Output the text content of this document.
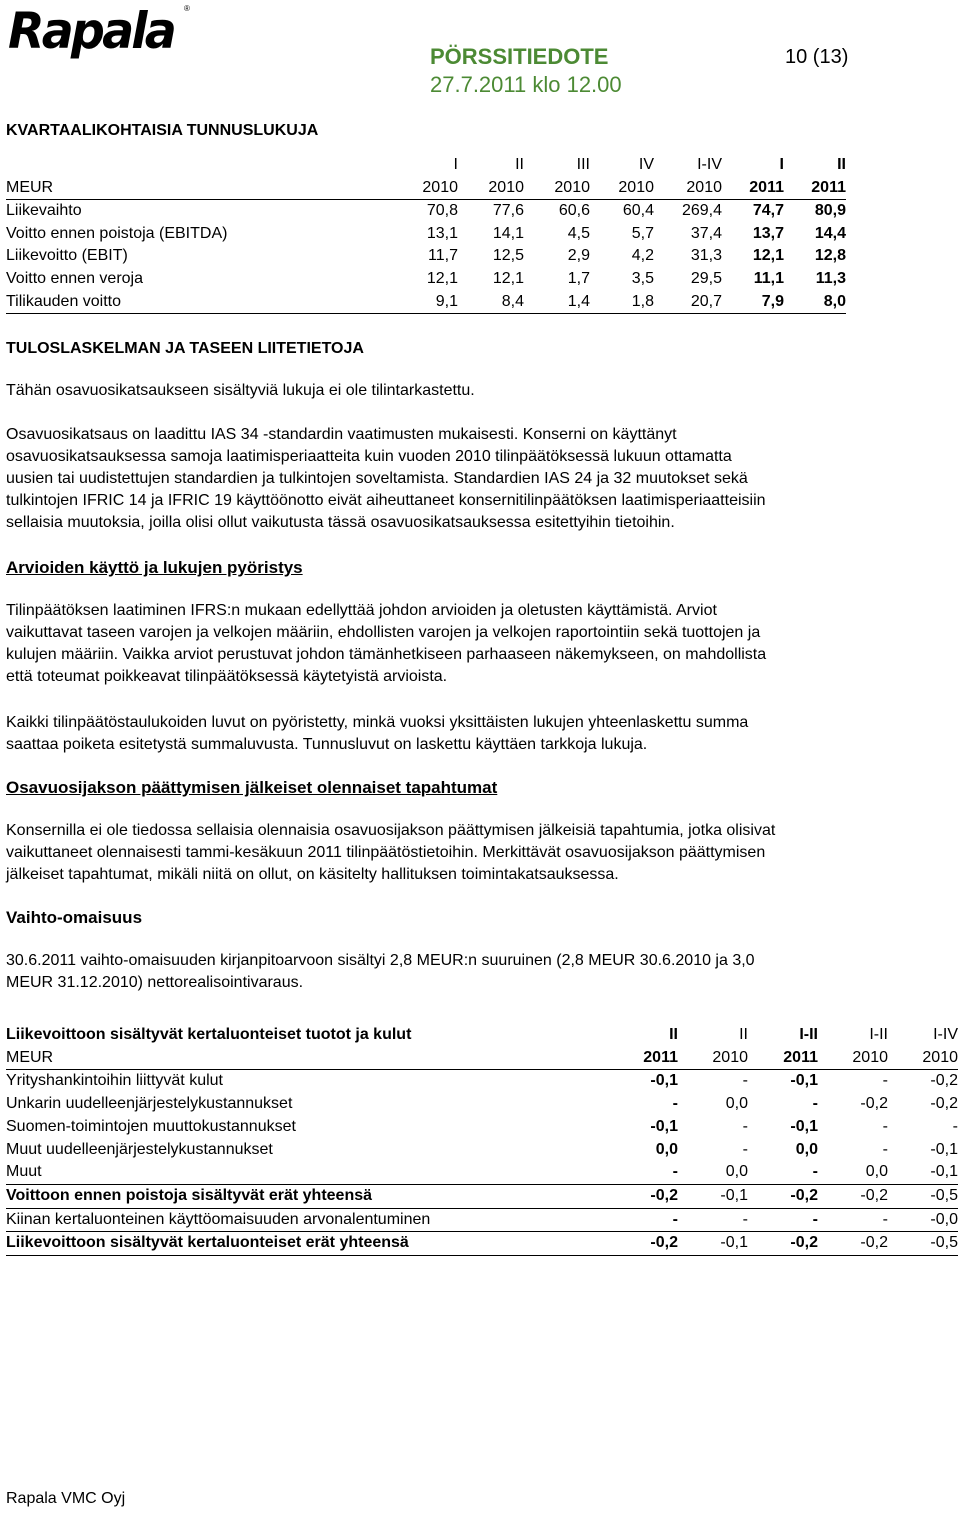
Rapala ®
PÖRSSITIEDOTE	10 (13)
27.7.2011 klo 12.00
KVARTAALIKOHTAISIA TUNNUSLUKUJA
	I	II	III	IV	I-IV	I	II
MEUR	2010	2010	2010	2010	2010	2011	2011
Liikevaihto	70,8	77,6	60,6	60,4	269,4	74,7	80,9
Voitto ennen poistoja (EBITDA)	13,1	14,1	4,5	5,7	37,4	13,7	14,4
Liikevoitto (EBIT)	11,7	12,5	2,9	4,2	31,3	12,1	12,8
Voitto ennen veroja	12,1	12,1	1,7	3,5	29,5	11,1	11,3
Tilikauden voitto	9,1	8,4	1,4	1,8	20,7	7,9	8,0
TULOSLASKELMAN JA TASEEN LIITETIETOJA
Tähän osavuosikatsaukseen sisältyviä lukuja ei ole tilintarkastettu.
Osavuosikatsaus on laadittu IAS 34 -standardin vaatimusten mukaisesti. Konserni on käyttänyt
osavuosikatsauksessa samoja laatimisperiaatteita kuin vuoden 2010 tilinpäätöksessä lukuun ottamatta
uusien tai uudistettujen standardien ja tulkintojen soveltamista. Standardien IAS 24 ja 32 muutokset sekä
tulkintojen IFRIC 14 ja IFRIC 19 käyttöönotto eivät aiheuttaneet konsernitilinpäätöksen laatimisperiaatteisiin
sellaisia muutoksia, joilla olisi ollut vaikutusta tässä osavuosikatsauksessa esitettyihin tietoihin.
Arvioiden käyttö ja lukujen pyöristys
Tilinpäätöksen laatiminen IFRS:n mukaan edellyttää johdon arvioiden ja oletusten käyttämistä. Arviot
vaikuttavat taseen varojen ja velkojen määriin, ehdollisten varojen ja velkojen raportointiin sekä tuottojen ja
kulujen määriin. Vaikka arviot perustuvat johdon tämänhetkiseen parhaaseen näkemykseen, on mahdollista
että toteumat poikkeavat tilinpäätöksessä käytetyistä arvioista.
Kaikki tilinpäätöstaulukoiden luvut on pyöristetty, minkä vuoksi yksittäisten lukujen yhteenlaskettu summa
saattaa poiketa esitetystä summaluvusta. Tunnusluvut on laskettu käyttäen tarkkoja lukuja.
Osavuosijakson päättymisen jälkeiset olennaiset tapahtumat
Konsernilla ei ole tiedossa sellaisia olennaisia osavuosijakson päättymisen jälkeisiä tapahtumia, jotka olisivat
vaikuttaneet olennaisesti tammi-kesäkuun 2011 tilinpäätöstietoihin. Merkittävät osavuosijakson päättymisen
jälkeiset tapahtumat, mikäli niitä on ollut, on käsitelty hallituksen toimintakatsauksessa.
Vaihto-omaisuus
30.6.2011 vaihto-omaisuuden kirjanpitoarvoon sisältyi 2,8 MEUR:n suuruinen (2,8 MEUR 30.6.2010 ja 3,0
MEUR 31.12.2010) nettorealisointivaraus.
Liikevoittoon sisältyvät kertaluonteiset tuotot ja kulut	II	II	I-II	I-II	I-IV
MEUR	2011	2010	2011	2010	2010
Yrityshankintoihin liittyvät kulut	-0,1	-	-0,1	-	-0,2
Unkarin uudelleenjärjestelykustannukset	-	0,0	-	-0,2	-0,2
Suomen-toimintojen muuttokustannukset	-0,1	-	-0,1	-	-
Muut uudelleenjärjestelykustannukset	0,0	-	0,0	-	-0,1
Muut	-	0,0	-	0,0	-0,1
Voittoon ennen poistoja sisältyvät erät yhteensä	-0,2	-0,1	-0,2	-0,2	-0,5
Kiinan kertaluonteinen käyttöomaisuuden arvonalentuminen	-	-	-	-	-0,0
Liikevoittoon sisältyvät kertaluonteiset erät yhteensä	-0,2	-0,1	-0,2	-0,2	-0,5
Rapala VMC Oyj
